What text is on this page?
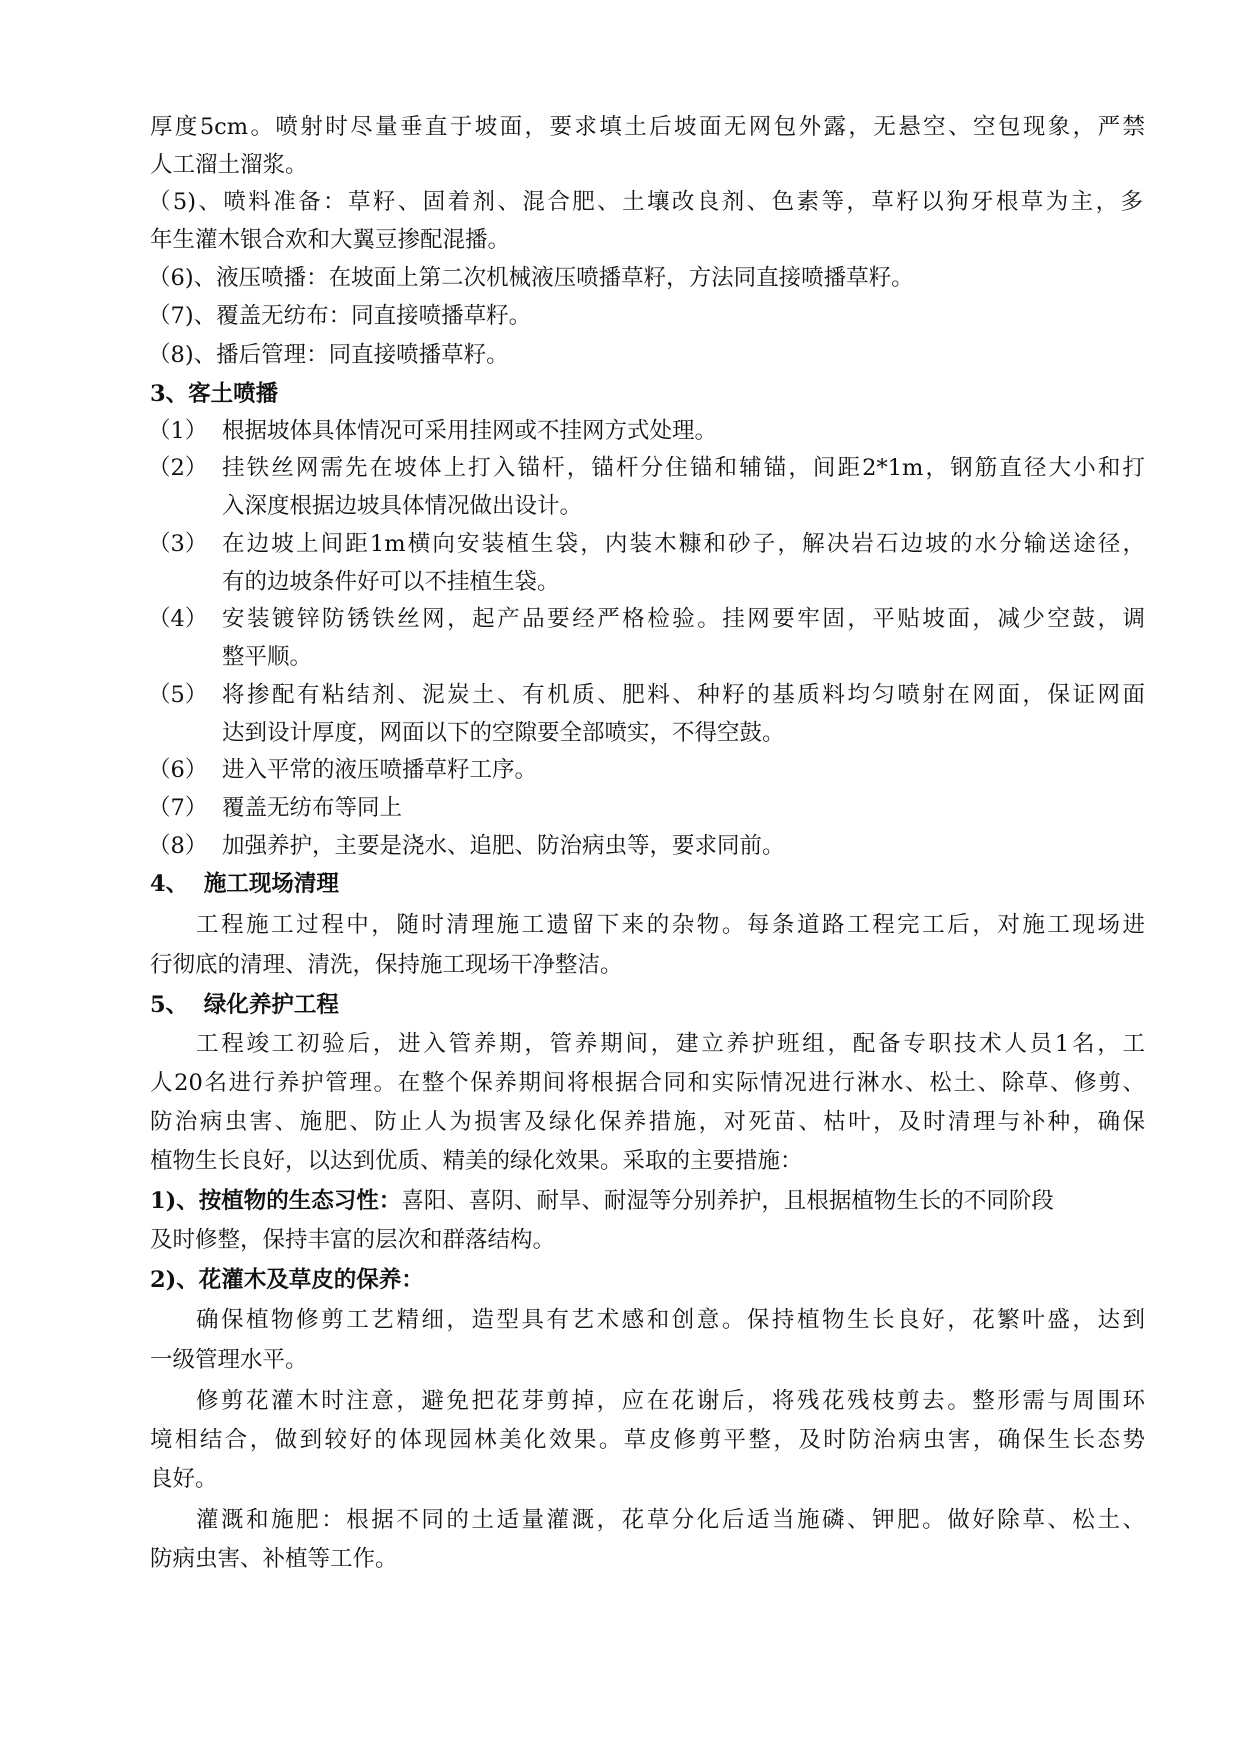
厚度5cm。喷射时尽量垂直于坡面，要求填土后坡面无网包外露，无悬空、空包现象，严禁
人工溜土溜浆。
（5)、喷料准备：草籽、固着剂、混合肥、土壤改良剂、色素等，草籽以狗牙根草为主，多
年生灌木银合欢和大翼豆掺配混播。
（6)、液压喷播：在坡面上第二次机械液压喷播草籽，方法同直接喷播草籽。
（7)、覆盖无纺布：同直接喷播草籽。
（8)、播后管理：同直接喷播草籽。
3、客土喷播
（1） 根据坡体具体情况可采用挂网或不挂网方式处理。
（2） 挂铁丝网需先在坡体上打入锚杆，锚杆分住锚和辅锚，间距2*1m，钢筋直径大小和打
入深度根据边坡具体情况做出设计。
（3） 在边坡上间距1m横向安装植生袋，内装木糠和砂子，解决岩石边坡的水分输送途径，
有的边坡条件好可以不挂植生袋。
（4） 安装镀锌防锈铁丝网，起产品要经严格检验。挂网要牢固，平贴坡面，减少空鼓，调
整平顺。
（5） 将掺配有粘结剂、泥炭土、有机质、肥料、种籽的基质料均匀喷射在网面，保证网面
达到设计厚度，网面以下的空隙要全部喷实，不得空鼓。
（6） 进入平常的液压喷播草籽工序。
（7） 覆盖无纺布等同上
（8） 加强养护，主要是浇水、追肥、防治病虫等，要求同前。
4、  施工现场清理
工程施工过程中，随时清理施工遗留下来的杂物。每条道路工程完工后，对施工现场进
行彻底的清理、清洗，保持施工现场干净整洁。
5、  绿化养护工程
工程竣工初验后，进入管养期，管养期间，建立养护班组，配备专职技术人员1名，工
人20名进行养护管理。在整个保养期间将根据合同和实际情况进行淋水、松土、除草、修剪、
防治病虫害、施肥、防止人为损害及绿化保养措施，对死苗、枯叶，及时清理与补种，确保
植物生长良好，以达到优质、精美的绿化效果。采取的主要措施：
1)、按植物的生态习性：喜阳、喜阴、耐旱、耐湿等分别养护，且根据植物生长的不同阶段
及时修整，保持丰富的层次和群落结构。
2)、花灌木及草皮的保养：
确保植物修剪工艺精细，造型具有艺术感和创意。保持植物生长良好，花繁叶盛，达到
一级管理水平。
修剪花灌木时注意，避免把花芽剪掉，应在花谢后，将残花残枝剪去。整形需与周围环
境相结合，做到较好的体现园林美化效果。草皮修剪平整，及时防治病虫害，确保生长态势
良好。
灌溉和施肥：根据不同的土适量灌溉，花草分化后适当施磷、钾肥。做好除草、松土、
防病虫害、补植等工作。
